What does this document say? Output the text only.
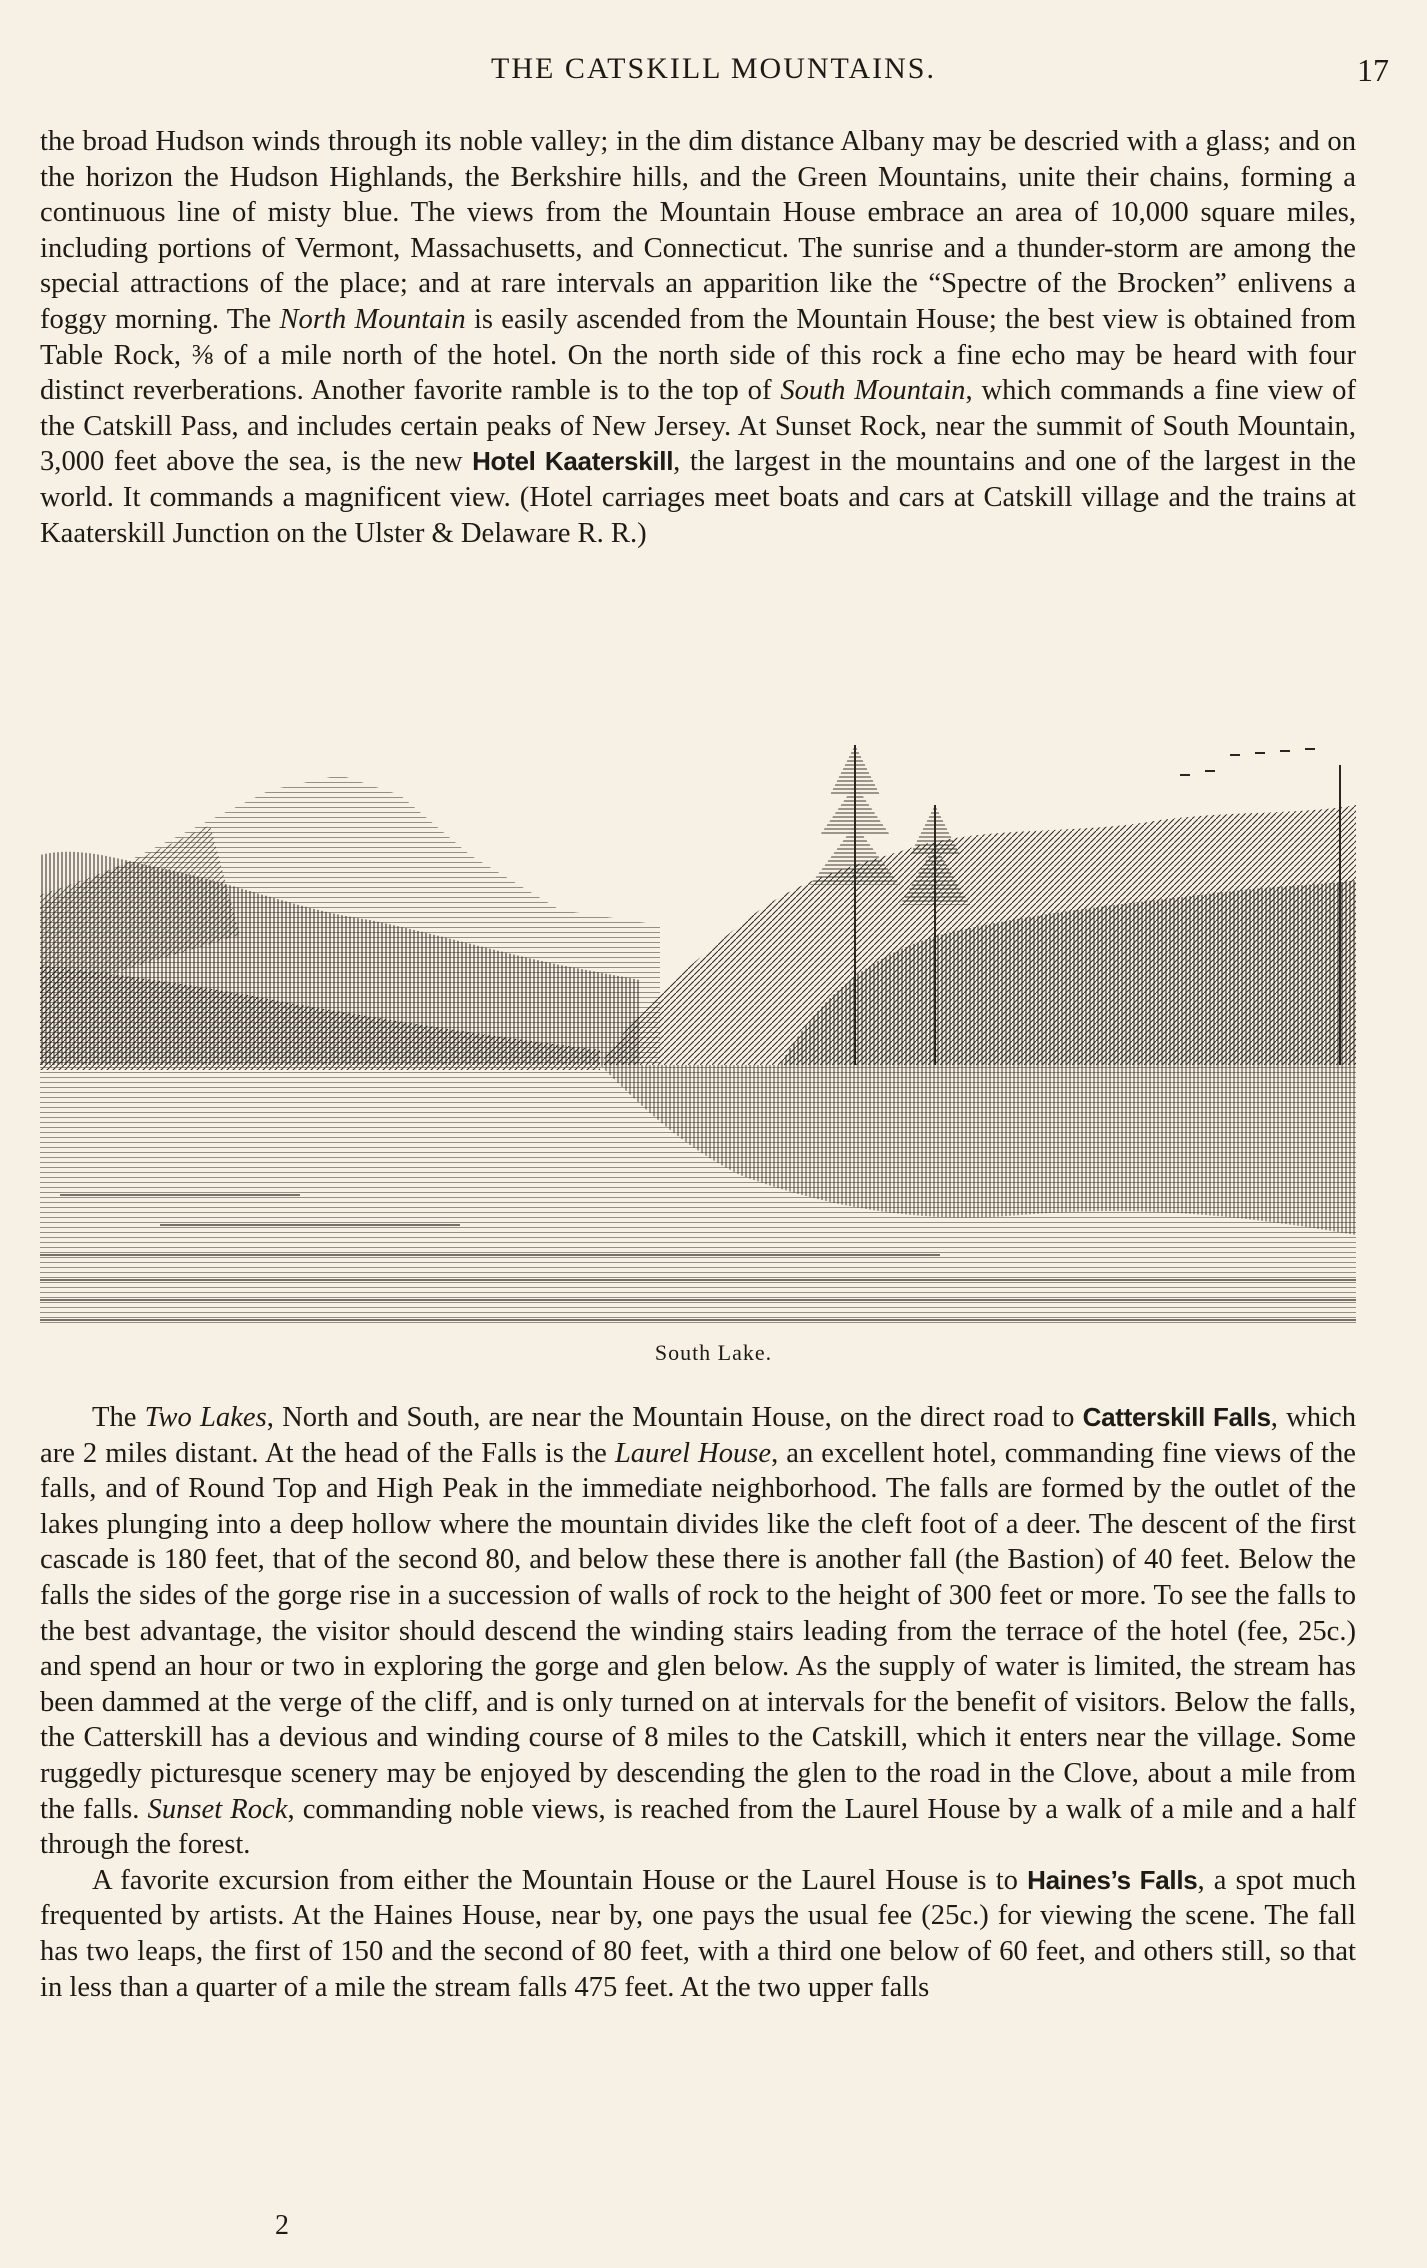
THE CATSKILL MOUNTAINS.	17

the broad Hudson winds through its noble valley; in the dim distance Albany may be descried with a glass; and on the horizon the Hudson Highlands, the Berkshire hills, and the Green Mountains, unite their chains, forming a continuous line of misty blue. The views from the Mountain House embrace an area of 10,000 square miles, including portions of Vermont, Massachusetts, and Connecticut. The sunrise and a thunder-storm are among the special attractions of the place; and at rare intervals an apparition like the “Spectre of the Brocken” enlivens a foggy morning. The North Mountain is easily ascended from the Mountain House; the best view is obtained from Table Rock, ⅜ of a mile north of the hotel. On the north side of this rock a fine echo may be heard with four distinct reverberations. Another favorite ramble is to the top of South Mountain, which commands a fine view of the Catskill Pass, and includes certain peaks of New Jersey. At Sunset Rock, near the summit of South Mountain, 3,000 feet above the sea, is the new Hotel Kaaterskill, the largest in the mountains and one of the largest in the world. It commands a magnificent view. (Hotel carriages meet boats and cars at Catskill village and the trains at Kaaterskill Junction on the Ulster & Delaware R. R.)

South Lake.

The Two Lakes, North and South, are near the Mountain House, on the direct road to Catterskill Falls, which are 2 miles distant. At the head of the Falls is the Laurel House, an excellent hotel, commanding fine views of the falls, and of Round Top and High Peak in the immediate neighborhood. The falls are formed by the outlet of the lakes plunging into a deep hollow where the mountain divides like the cleft foot of a deer. The descent of the first cascade is 180 feet, that of the second 80, and below these there is another fall (the Bastion) of 40 feet. Below the falls the sides of the gorge rise in a succession of walls of rock to the height of 300 feet or more. To see the falls to the best advantage, the visitor should descend the winding stairs leading from the terrace of the hotel (fee, 25c.) and spend an hour or two in exploring the gorge and glen below. As the supply of water is limited, the stream has been dammed at the verge of the cliff, and is only turned on at intervals for the benefit of visitors. Below the falls, the Catterskill has a devious and winding course of 8 miles to the Catskill, which it enters near the village. Some ruggedly picturesque scenery may be enjoyed by descending the glen to the road in the Clove, about a mile from the falls. Sunset Rock, commanding noble views, is reached from the Laurel House by a walk of a mile and a half through the forest.

A favorite excursion from either the Mountain House or the Laurel House is to Haines’s Falls, a spot much frequented by artists. At the Haines House, near by, one pays the usual fee (25c.) for viewing the scene. The fall has two leaps, the first of 150 and the second of 80 feet, with a third one below of 60 feet, and others still, so that in less than a quarter of a mile the stream falls 475 feet. At the two upper falls

2
